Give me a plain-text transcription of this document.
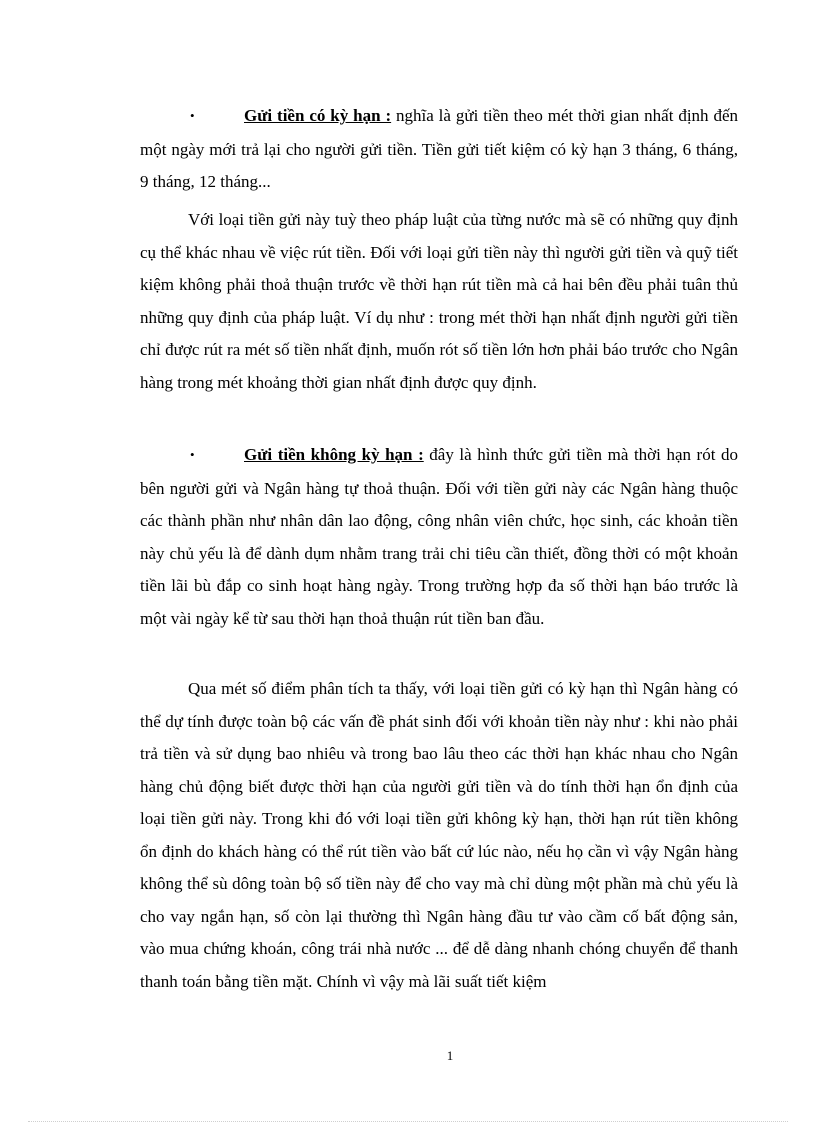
•	Gửi tiền có kỳ hạn : nghĩa là gửi tiền theo mét thời gian nhất định đến một ngày mới trả lại cho người gửi tiền. Tiền gửi tiết kiệm có kỳ hạn 3 tháng, 6 tháng, 9 tháng, 12 tháng...

Với loại tiền gửi này tuỳ theo pháp luật của từng nước mà sẽ có những quy định cụ thể khác nhau về việc rút tiền. Đối với loại gửi tiền này thì người gửi tiền và quỹ tiết kiệm không phải thoả thuận trước về thời hạn rút tiền mà cả hai bên đều phải tuân thủ những quy định của pháp luật. Ví dụ như : trong mét thời hạn nhất định người gửi tiền chỉ được rút ra mét số tiền nhất định, muốn rót số tiền lớn hơn phải báo trước cho Ngân hàng trong mét khoảng thời gian nhất định được quy định.

•	Gửi tiền không kỳ hạn : đây là hình thức gửi tiền mà thời hạn rót do bên người gửi và Ngân hàng tự thoả thuận. Đối với tiền gửi này các Ngân hàng thuộc các thành phần như nhân dân lao động, công nhân viên chức, học sinh, các khoản tiền này chủ yếu là để dành dụm nhằm trang trải chi tiêu cần thiết, đồng thời có một khoản tiền lãi bù đắp co sinh hoạt hàng ngày. Trong trường hợp đa số thời hạn báo trước là một vài ngày kể từ sau thời hạn thoả thuận rút tiền ban đầu.

Qua mét số điểm phân tích ta thấy, với loại tiền gửi có kỳ hạn thì Ngân hàng có thể dự tính được toàn bộ các vấn đề phát sinh đối với khoản tiền này như : khi nào phải trả tiền và sử dụng bao nhiêu và trong bao lâu theo các thời hạn khác nhau cho Ngân hàng chủ động biết được thời hạn của người gửi tiền và do tính thời hạn ổn định của loại tiền gửi này. Trong khi đó với loại tiền gửi không kỳ hạn, thời hạn rút tiền không ổn định do khách hàng có thể rút tiền vào bất cứ lúc nào, nếu họ cần vì vậy Ngân hàng không thể sù dông toàn bộ số tiền này để cho vay mà chỉ dùng một phần mà chủ yếu là cho vay ngắn hạn, số còn lại thường thì Ngân hàng đầu tư vào cầm cố bất động sản, vào mua chứng khoán, công trái nhà nước ... để dễ dàng nhanh chóng chuyển để thanh thanh toán bằng tiền mặt. Chính vì vậy mà lãi suất tiết kiệm

1
